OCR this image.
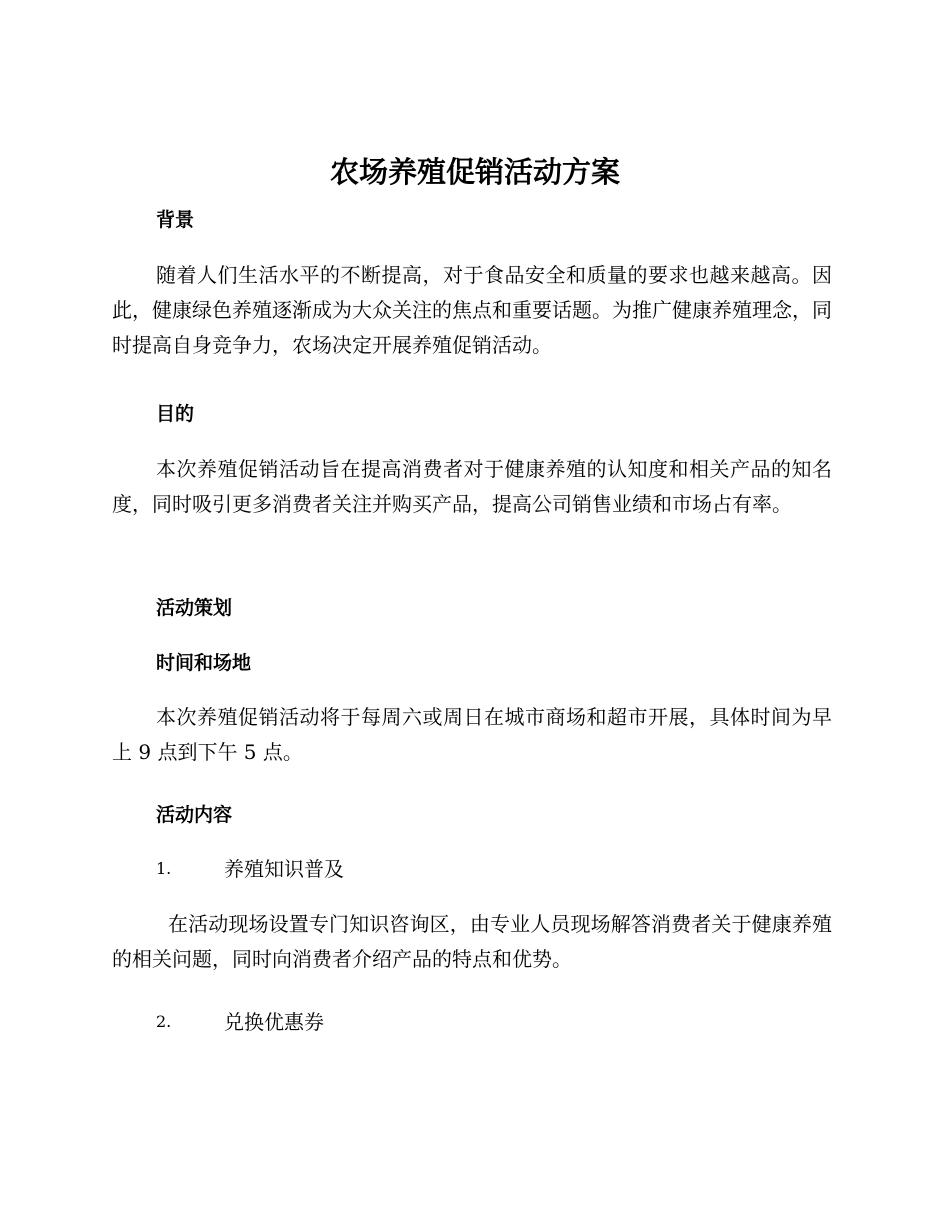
农场养殖促销活动方案
背景

随着人们生活水平的不断提高，对于食品安全和质量的要求也越来越高。因此，健康绿色养殖逐渐成为大众关注的焦点和重要话题。为推广健康养殖理念，同时提高自身竞争力，农场决定开展养殖促销活动。

目的

本次养殖促销活动旨在提高消费者对于健康养殖的认知度和相关产品的知名度，同时吸引更多消费者关注并购买产品，提高公司销售业绩和市场占有率。

活动策划
时间和场地

本次养殖促销活动将于每周六或周日在城市商场和超市开展，具体时间为早上 9 点到下午 5 点。

活动内容
1.	养殖知识普及

在活动现场设置专门知识咨询区，由专业人员现场解答消费者关于健康养殖的相关问题，同时向消费者介绍产品的特点和优势。

2.	兑换优惠券
